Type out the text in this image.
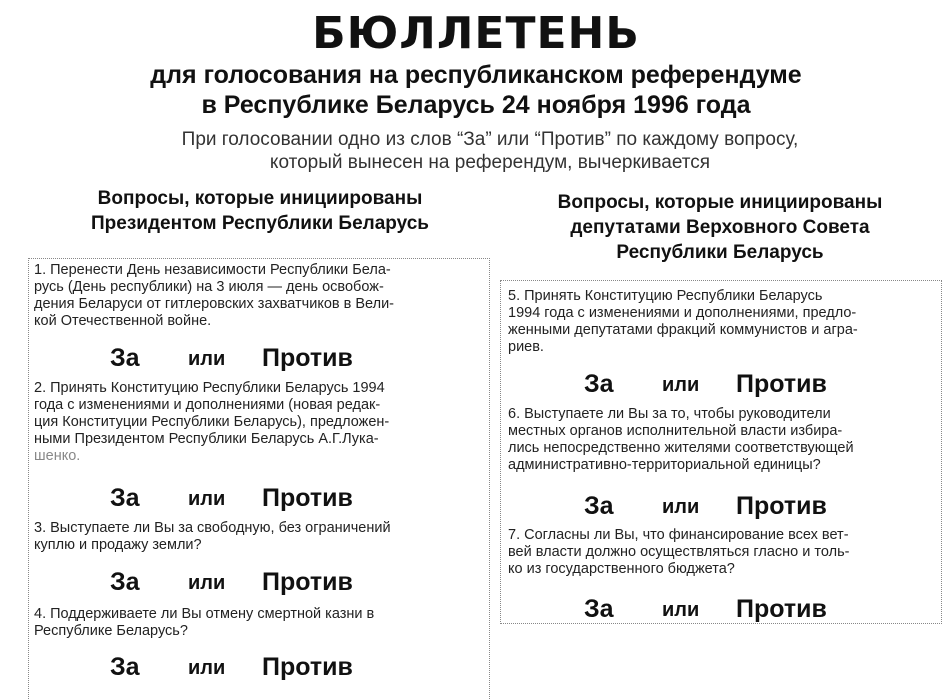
БЮЛЛЕТЕНЬ
для голосования на республиканском референдуме
в Республике Беларусь 24 ноября 1996 года
При голосовании одно из слов “За” или “Против” по каждому вопросу,
который вынесен на референдум, вычеркивается
Вопросы, которые инициированы
Президентом Республики Беларусь
Вопросы, которые инициированы
депутатами Верховного Совета
Республики Беларусь
1. Перенести День независимости Республики Бела-
русь (День республики) на 3 июля — день освобож-
дения Беларуси от гитлеровских захватчиков в Вели-
кой Отечественной войне.
За или Против
2. Принять Конституцию Республики Беларусь 1994
года с изменениями и дополнениями (новая редак-
ция Конституции Республики Беларусь), предложен-
ными Президентом Республики Беларусь А.Г.Лука-
шенко.
За или Против
3. Выступаете ли Вы за свободную, без ограничений
куплю и продажу земли?
За или Против
4. Поддерживаете ли Вы отмену смертной казни в
Республике Беларусь?
За или Против
5. Принять Конституцию Республики Беларусь
1994 года с изменениями и дополнениями, предло-
женными депутатами фракций коммунистов и агра-
риев.
За или Против
6. Выступаете ли Вы за то, чтобы руководители
местных органов исполнительной власти избира-
лись непосредственно жителями соответствующей
административно-территориальной единицы?
За или Против
7. Согласны ли Вы, что финансирование всех вет-
вей власти должно осуществляться гласно и толь-
ко из государственного бюджета?
За или Против
